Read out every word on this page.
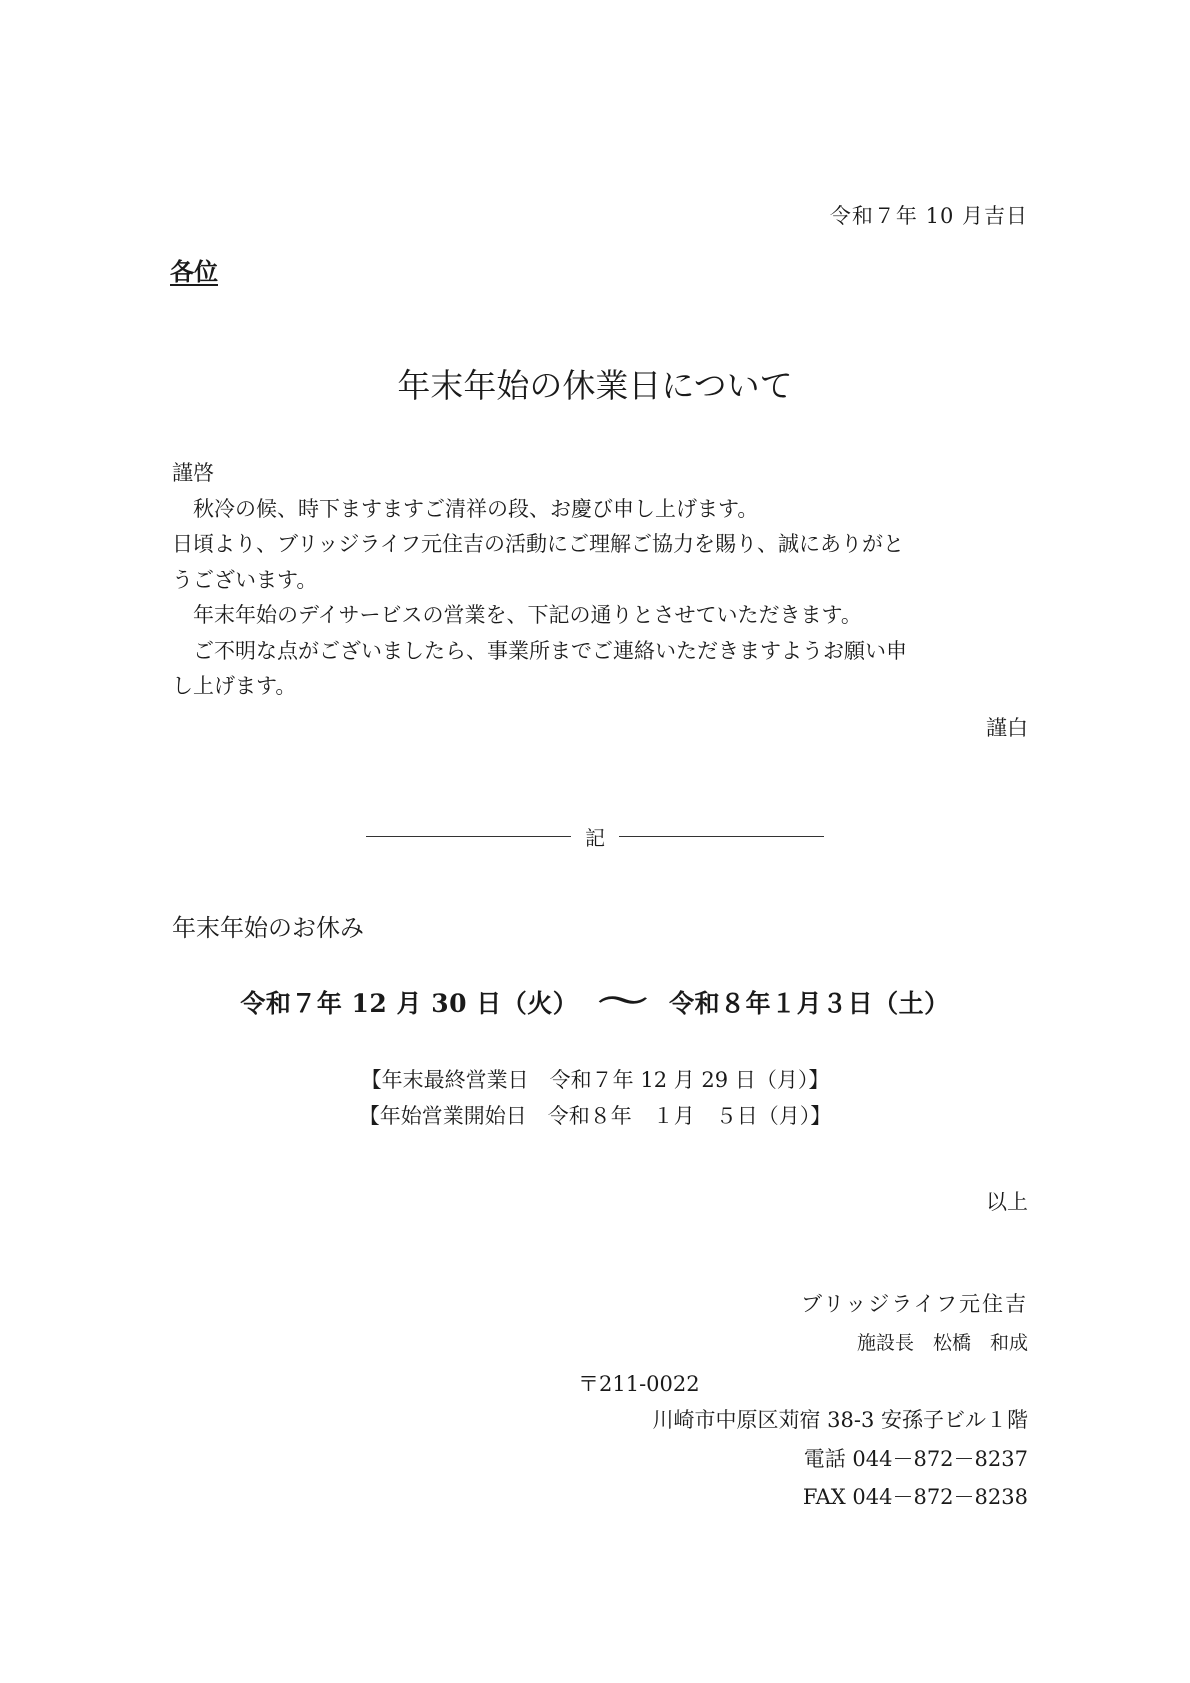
令和７年 10 月吉日
各位
年末年始の休業日について
謹啓
　秋冷の候、時下ますますご清祥の段、お慶び申し上げます。
日頃より、ブリッジライフ元住吉の活動にご理解ご協力を賜り、誠にありがと
うございます。
　年末年始のデイサービスの営業を、下記の通りとさせていただきます。
　ご不明な点がございましたら、事業所までご連絡いただきますようお願い申
し上げます。
謹白
記
年末年始のお休み
令和７年 12 月 30 日（火） 〜 令和８年１月３日（土）
【年末最終営業日　令和７年 12 月 29 日（月）】
【年始営業開始日　令和８年　１月　５日（月）】
以上
ブリッジライフ元住吉
施設長　松橋　和成
〒211-0022
川崎市中原区苅宿 38-3 安孫子ビル１階
電話 044－872－8237
FAX 044－872－8238
